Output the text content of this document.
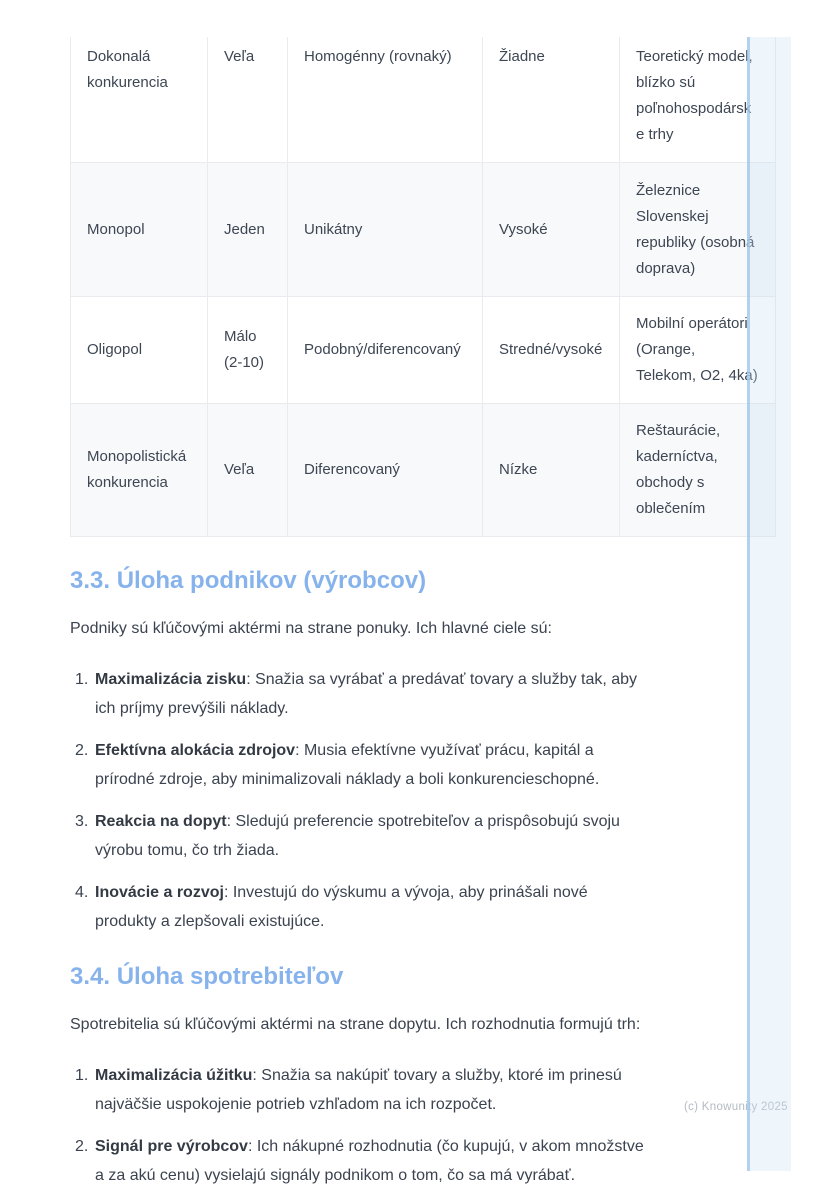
Dokonalá konkurencia	Veľa	Homogénny (rovnaký)	Žiadne	Teoretický model, blízko sú poľnohospodárske trhy
Monopol	Jeden	Unikátny	Vysoké	Železnice Slovenskej republiky (osobná doprava)
Oligopol	Málo (2-10)	Podobný/diferencovaný	Stredné/vysoké	Mobilní operátori (Orange, Telekom, O2, 4ka)
Monopolistická konkurencia	Veľa	Diferencovaný	Nízke	Reštaurácie, kaderníctva, obchody s oblečením
3.3. Úloha podnikov (výrobcov)

Podniky sú kľúčovými aktérmi na strane ponuky. Ich hlavné ciele sú:

1. Maximalizácia zisku: Snažia sa vyrábať a predávať tovary a služby tak, aby ich príjmy prevýšili náklady.
2. Efektívna alokácia zdrojov: Musia efektívne využívať prácu, kapitál a prírodné zdroje, aby minimalizovali náklady a boli konkurencieschopné.
3. Reakcia na dopyt: Sledujú preferencie spotrebiteľov a prispôsobujú svoju výrobu tomu, čo trh žiada.
4. Inovácie a rozvoj: Investujú do výskumu a vývoja, aby prinášali nové produkty a zlepšovali existujúce.
3.4. Úloha spotrebiteľov

Spotrebitelia sú kľúčovými aktérmi na strane dopytu. Ich rozhodnutia formujú trh:

1. Maximalizácia úžitku: Snažia sa nakúpiť tovary a služby, ktoré im prinesú najväčšie uspokojenie potrieb vzhľadom na ich rozpočet.
2. Signál pre výrobcov: Ich nákupné rozhodnutia (čo kupujú, v akom množstve a za akú cenu) vysielajú signály podnikom o tom, čo sa má vyrábať.
(c) Knowunity 2025
